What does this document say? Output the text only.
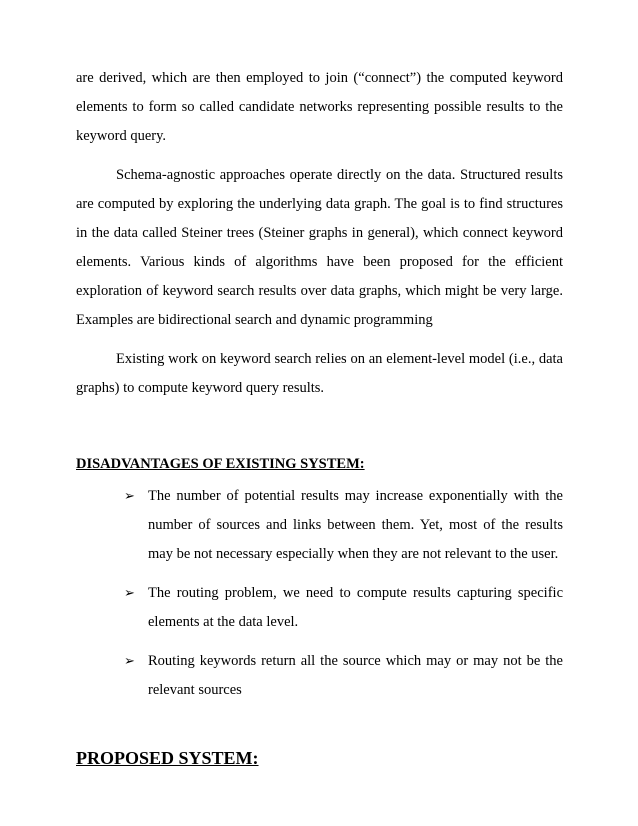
are derived, which are then employed to join (“connect”) the computed keyword elements to form so called candidate networks representing possible results to the keyword query.

Schema-agnostic approaches operate directly on the data. Structured results are computed by exploring the underlying data graph. The goal is to find structures in the data called Steiner trees (Steiner graphs in general), which connect keyword elements. Various kinds of algorithms have been proposed for the efficient exploration of keyword search results over data graphs, which might be very large. Examples are bidirectional search and dynamic programming

Existing work on keyword search relies on an element-level model (i.e., data graphs) to compute keyword query results.

DISADVANTAGES OF EXISTING SYSTEM:
➢ The number of potential results may increase exponentially with the number of sources and links between them. Yet, most of the results may be not necessary especially when they are not relevant to the user.
➢ The routing problem, we need to compute results capturing specific elements at the data level.
➢ Routing keywords return all the source which may or may not be the relevant sources
PROPOSED SYSTEM:
